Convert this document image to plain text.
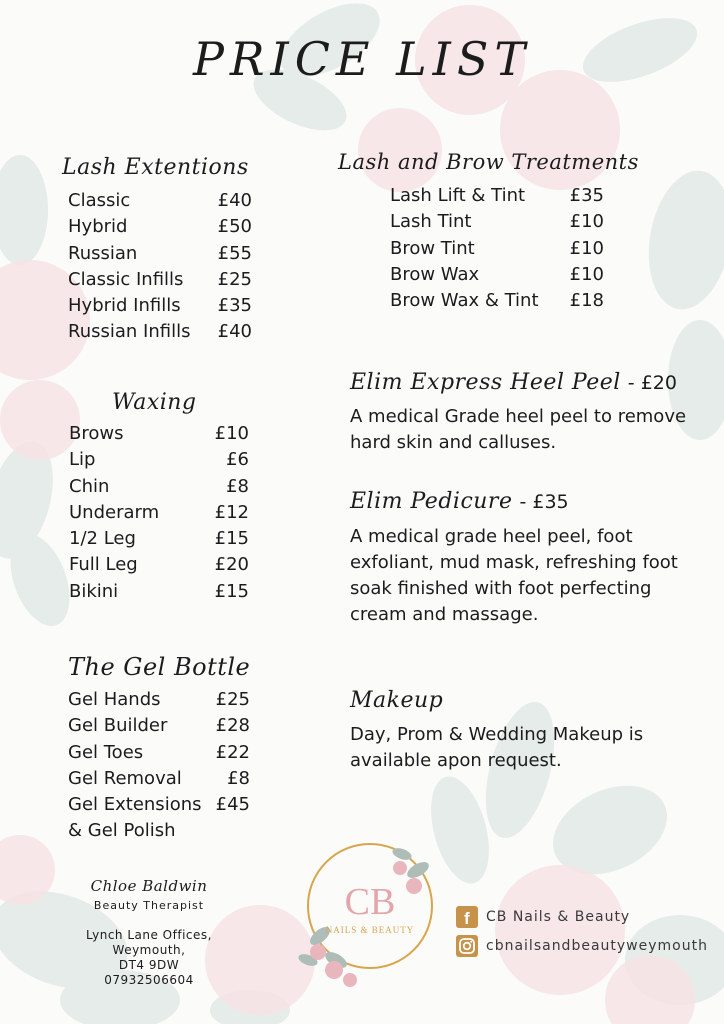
PRICE LIST
Lash Extentions
Classic	£40
Hybrid	£50
Russian	£55
Classic Infills £25
Hybrid Infills £35
Russian Infills £40
Waxing
Brows	£10
Lip	£6
Chin	£8
Underarm	£12
1/2 Leg	£15
Full Leg	£20
Bikini	£15
The Gel Bottle
Gel Hands	£25
Gel Builder	£28
Gel Toes	£22
Gel Removal	£8
Gel Extensions £45
& Gel Polish
Lash and Brow Treatments
Lash Lift & Tint £35
Lash Tint	£10
Brow Tint	£10
Brow Wax	£10
Brow Wax & Tint £18
Elim Express Heel Peel - £20

A medical Grade heel peel to remove hard skin and calluses.

Elim Pedicure - £35

A medical grade heel peel, foot exfoliant, mud mask, refreshing foot soak finished with foot perfecting cream and massage.

Makeup

Day, Prom & Wedding Makeup is available apon request.

Chloe Baldwin
Beauty Therapist
Lynch Lane Offices,
Weymouth,
DT4 9DW
07932506604
CB
NAILS & BEAUTY
f CB Nails & Beauty
cbnailsandbeautyweymouth
